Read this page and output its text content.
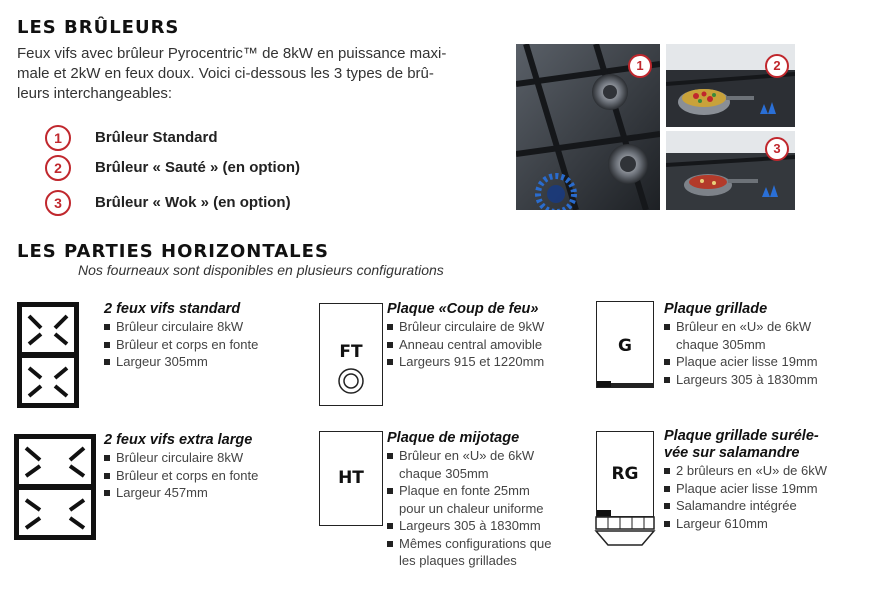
LES BRÛLEURS
Feux vifs avec brûleur Pyrocentric™ de 8kW en puissance maxi-
male et 2kW en feux doux. Voici ci-dessous les 3 types de brû-
leurs interchangeables:
1 Brûleur Standard
2 Brûleur « Sauté » (en option)
3 Brûleur « Wok » (en option)
1	2
3
LES PARTIES HORIZONTALES
Nos fourneaux sont disponibles en plusieurs configurations
2 feux vifs standard
Brûleur circulaire 8kW
Brûleur et corps en fonte
Largeur 305mm	FT
Plaque «Coup de feu»
Brûleur circulaire de 9kW
Anneau central amovible
Largeurs 915 et 1220mm
G
Plaque grillade
Brûleur en «U» de 6kW
chaque 305mm
Plaque acier lisse 19mm
Largeurs 305 à 1830mm
2 feux vifs extra large
Brûleur circulaire 8kW
Brûleur et corps en fonte
Largeur 457mm
HT
Plaque de mijotage
Brûleur en «U» de 6kW
chaque 305mm
Plaque en fonte 25mm
pour un chaleur uniforme
Largeurs 305 à 1830mm
Mêmes configurations que
les plaques grillades
RG
Plaque grillade suréle-
vée sur salamandre
2 brûleurs en «U» de 6kW
Plaque acier lisse 19mm
Salamandre intégrée
Largeur 610mm
